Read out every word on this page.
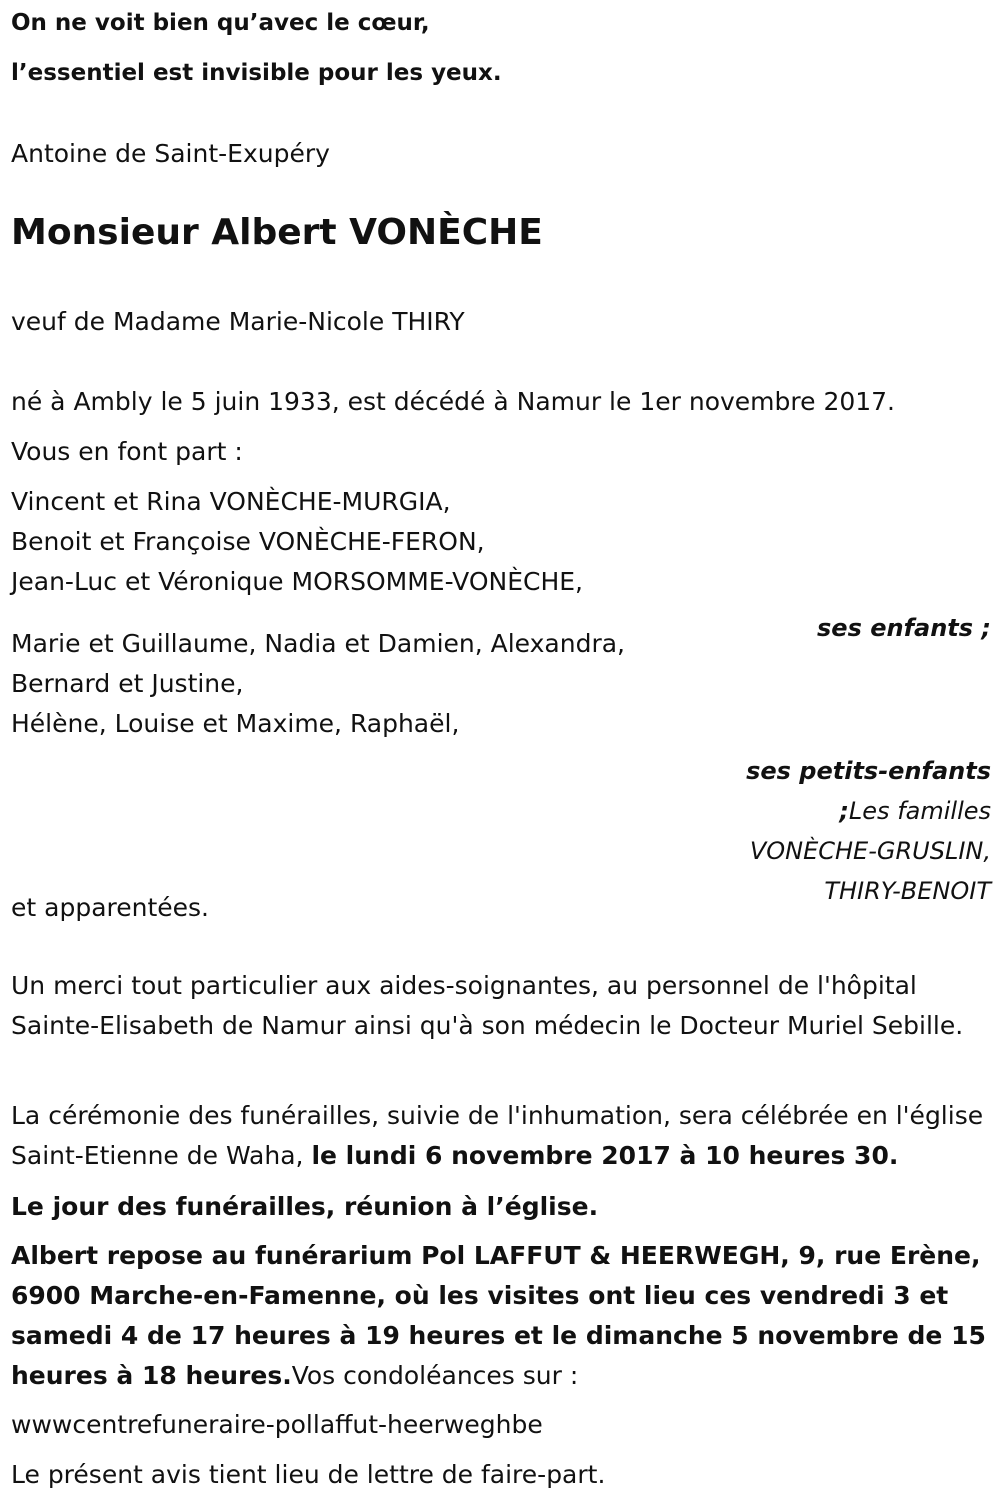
On ne voit bien qu’avec le cœur,

l’essentiel est invisible pour les yeux.

Antoine de Saint-Exupéry

Monsieur Albert VONÈCHE

veuf de Madame Marie-Nicole THIRY

né à Ambly le 5 juin 1933, est décédé à Namur le 1er novembre 2017.

Vous en font part :

Vincent et Rina VONÈCHE-MURGIA,

Benoit et Françoise VONÈCHE-FERON,

Jean-Luc et Véronique MORSOMME-VONÈCHE,

ses enfants ;

Marie et Guillaume, Nadia et Damien, Alexandra,

Bernard et Justine,

Hélène, Louise et Maxime, Raphaël,

ses petits-enfants

;Les familles

VONÈCHE-GRUSLIN,

THIRY-BENOIT

et apparentées.

Un merci tout particulier aux aides-soignantes, au personnel de l'hôpital Sainte-Elisabeth de Namur ainsi qu'à son médecin le Docteur Muriel Sebille.

La cérémonie des funérailles, suivie de l'inhumation, sera célébrée en l'église Saint-Etienne de Waha, le lundi 6 novembre 2017 à 10 heures 30.

Le jour des funérailles, réunion à l’église.

Albert repose au funérarium Pol LAFFUT & HEERWEGH, 9, rue Erène, 6900 Marche-en-Famenne, où les visites ont lieu ces vendredi 3 et samedi 4 de 17 heures à 19 heures et le dimanche 5 novembre de 15 heures à 18 heures.Vos condoléances sur :

wwwcentrefuneraire-pollaffut-heerweghbe

Le présent avis tient lieu de lettre de faire-part.
